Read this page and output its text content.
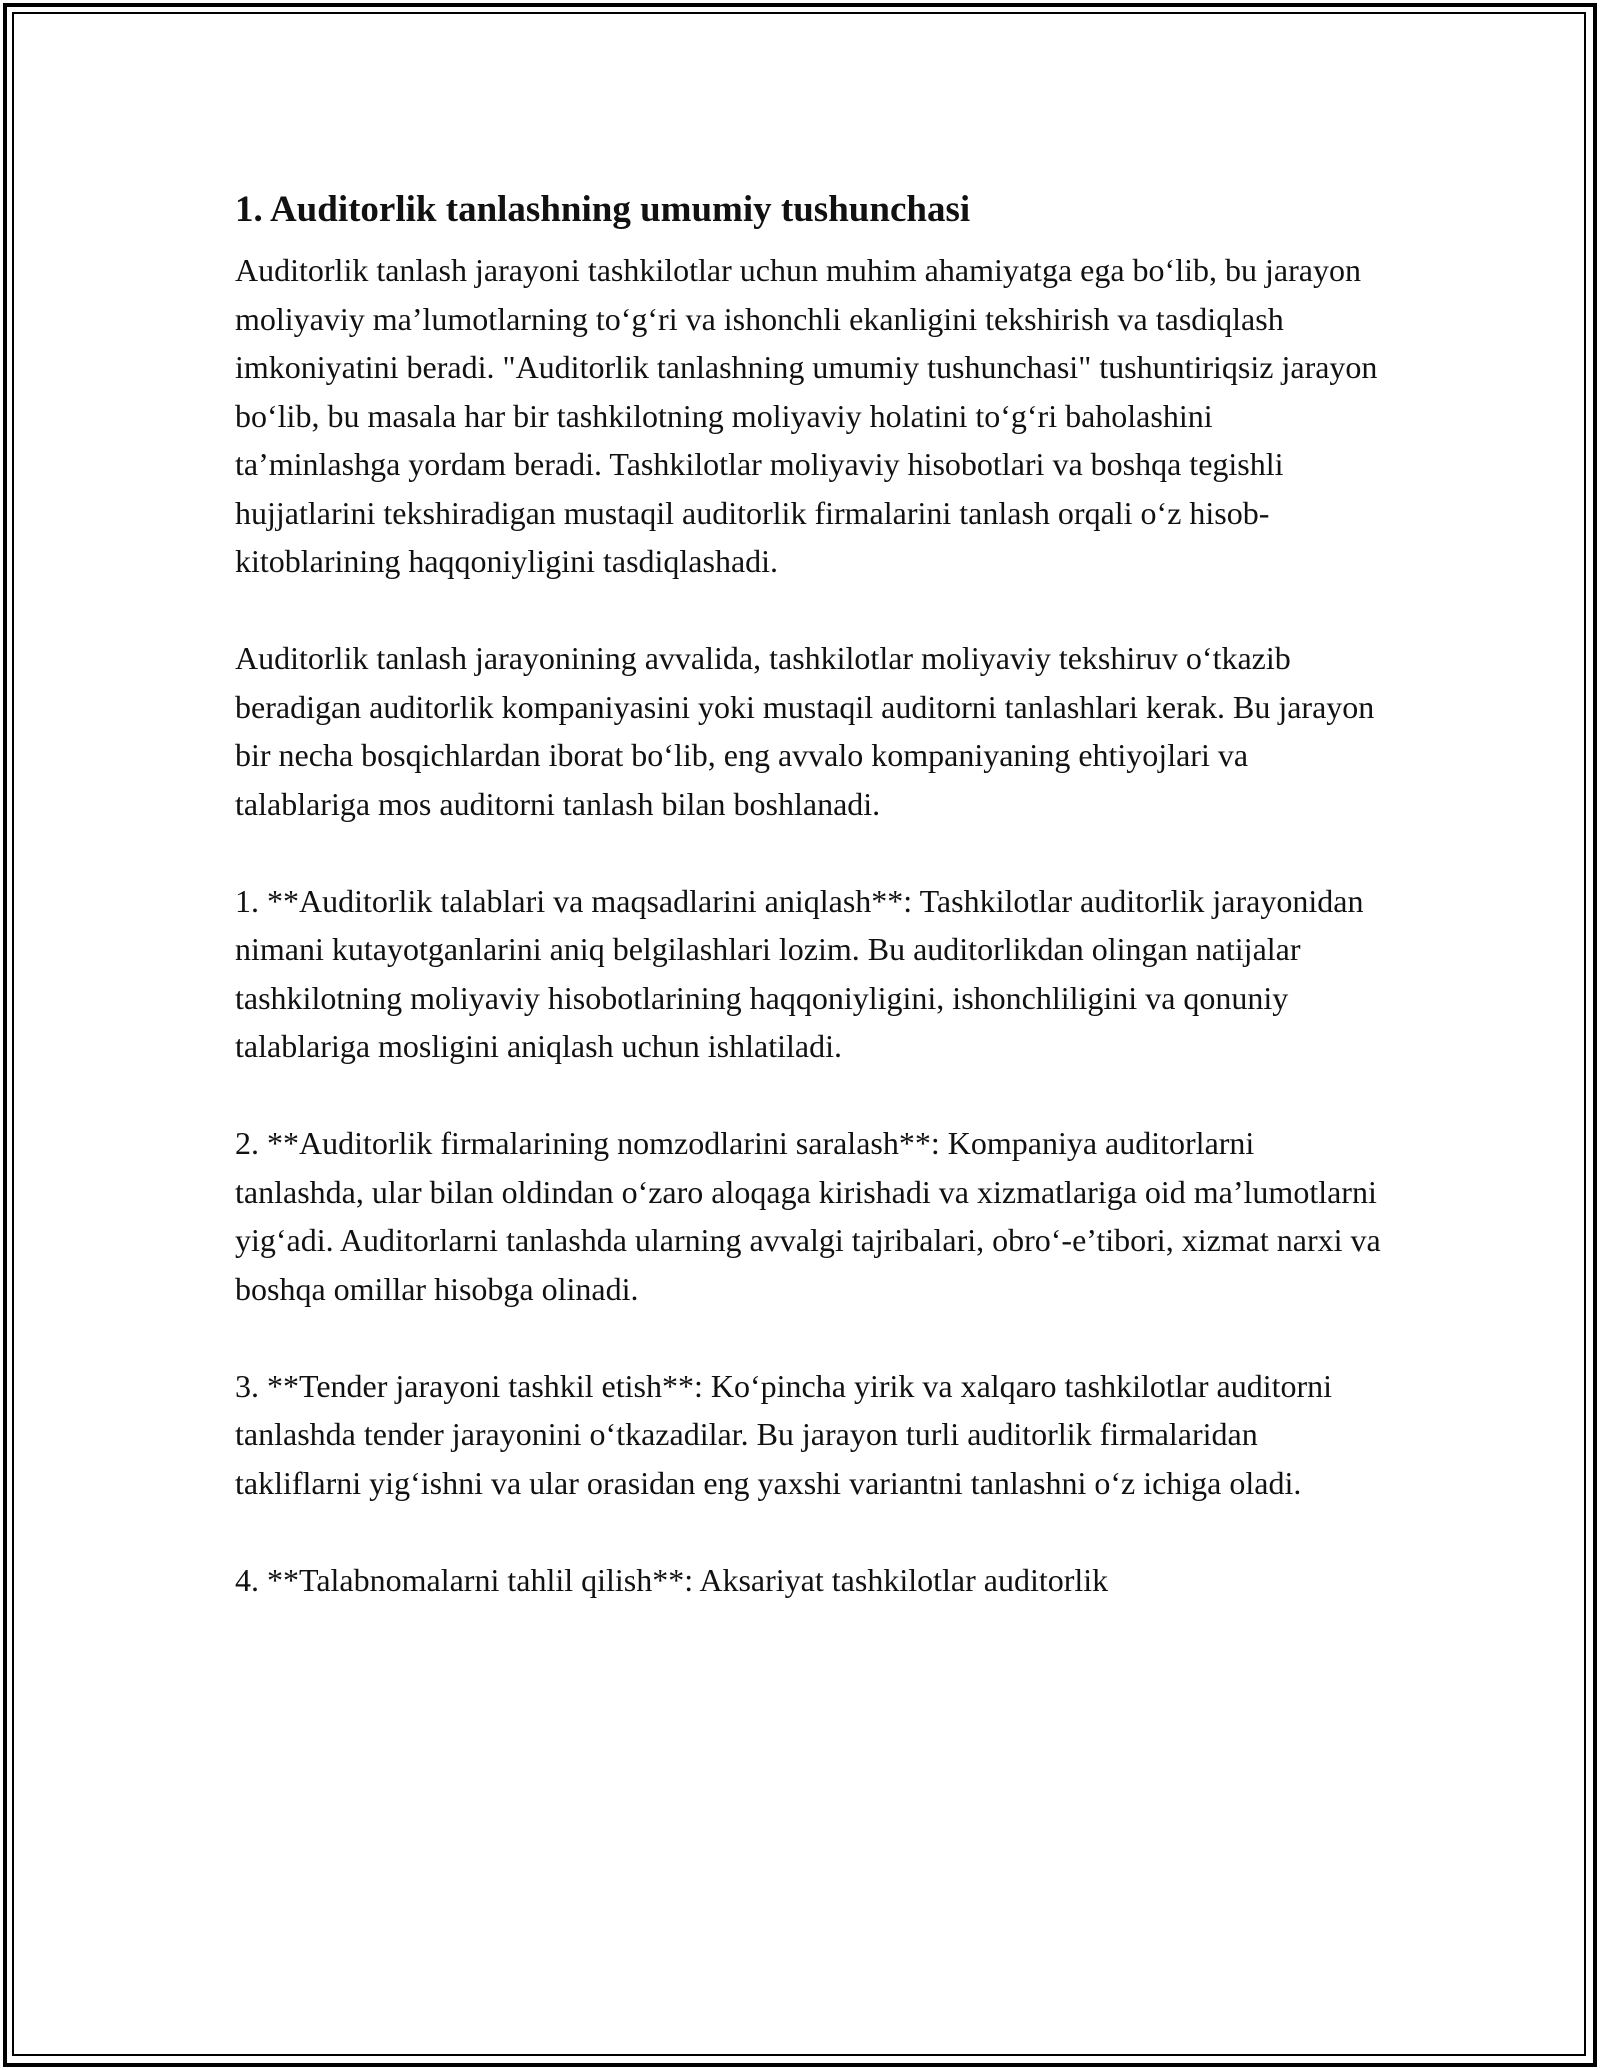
1. Auditorlik tanlashning umumiy tushunchasi

Auditorlik tanlash jarayoni tashkilotlar uchun muhim ahamiyatga ega bo‘lib, bu jarayon moliyaviy ma’lumotlarning to‘g‘ri va ishonchli ekanligini tekshirish va tasdiqlash imkoniyatini beradi. "Auditorlik tanlashning umumiy tushunchasi" tushuntiriqsiz jarayon bo‘lib, bu masala har bir tashkilotning moliyaviy holatini to‘g‘ri baholashini ta’minlashga yordam beradi. Tashkilotlar moliyaviy hisobotlari va boshqa tegishli hujjatlarini tekshiradigan mustaqil auditorlik firmalarini tanlash orqali o‘z hisob-kitoblarining haqqoniyligini tasdiqlashadi.

Auditorlik tanlash jarayonining avvalida, tashkilotlar moliyaviy tekshiruv o‘tkazib beradigan auditorlik kompaniyasini yoki mustaqil auditorni tanlashlari kerak. Bu jarayon bir necha bosqichlardan iborat bo‘lib, eng avvalo kompaniyaning ehtiyojlari va talablariga mos auditorni tanlash bilan boshlanadi.

1. **Auditorlik talablari va maqsadlarini aniqlash**: Tashkilotlar auditorlik jarayonidan nimani kutayotganlarini aniq belgilashlari lozim. Bu auditorlikdan olingan natijalar tashkilotning moliyaviy hisobotlarining haqqoniyligini, ishonchliligini va qonuniy talablariga mosligini aniqlash uchun ishlatiladi.

2. **Auditorlik firmalarining nomzodlarini saralash**: Kompaniya auditorlarni tanlashda, ular bilan oldindan o‘zaro aloqaga kirishadi va xizmatlariga oid ma’lumotlarni yig‘adi. Auditorlarni tanlashda ularning avvalgi tajribalari, obro‘-e’tibori, xizmat narxi va boshqa omillar hisobga olinadi.

3. **Tender jarayoni tashkil etish**: Ko‘pincha yirik va xalqaro tashkilotlar auditorni tanlashda tender jarayonini o‘tkazadilar. Bu jarayon turli auditorlik firmalaridan takliflarni yig‘ishni va ular orasidan eng yaxshi variantni tanlashni o‘z ichiga oladi.

4. **Talabnomalarni tahlil qilish**: Aksariyat tashkilotlar auditorlik
